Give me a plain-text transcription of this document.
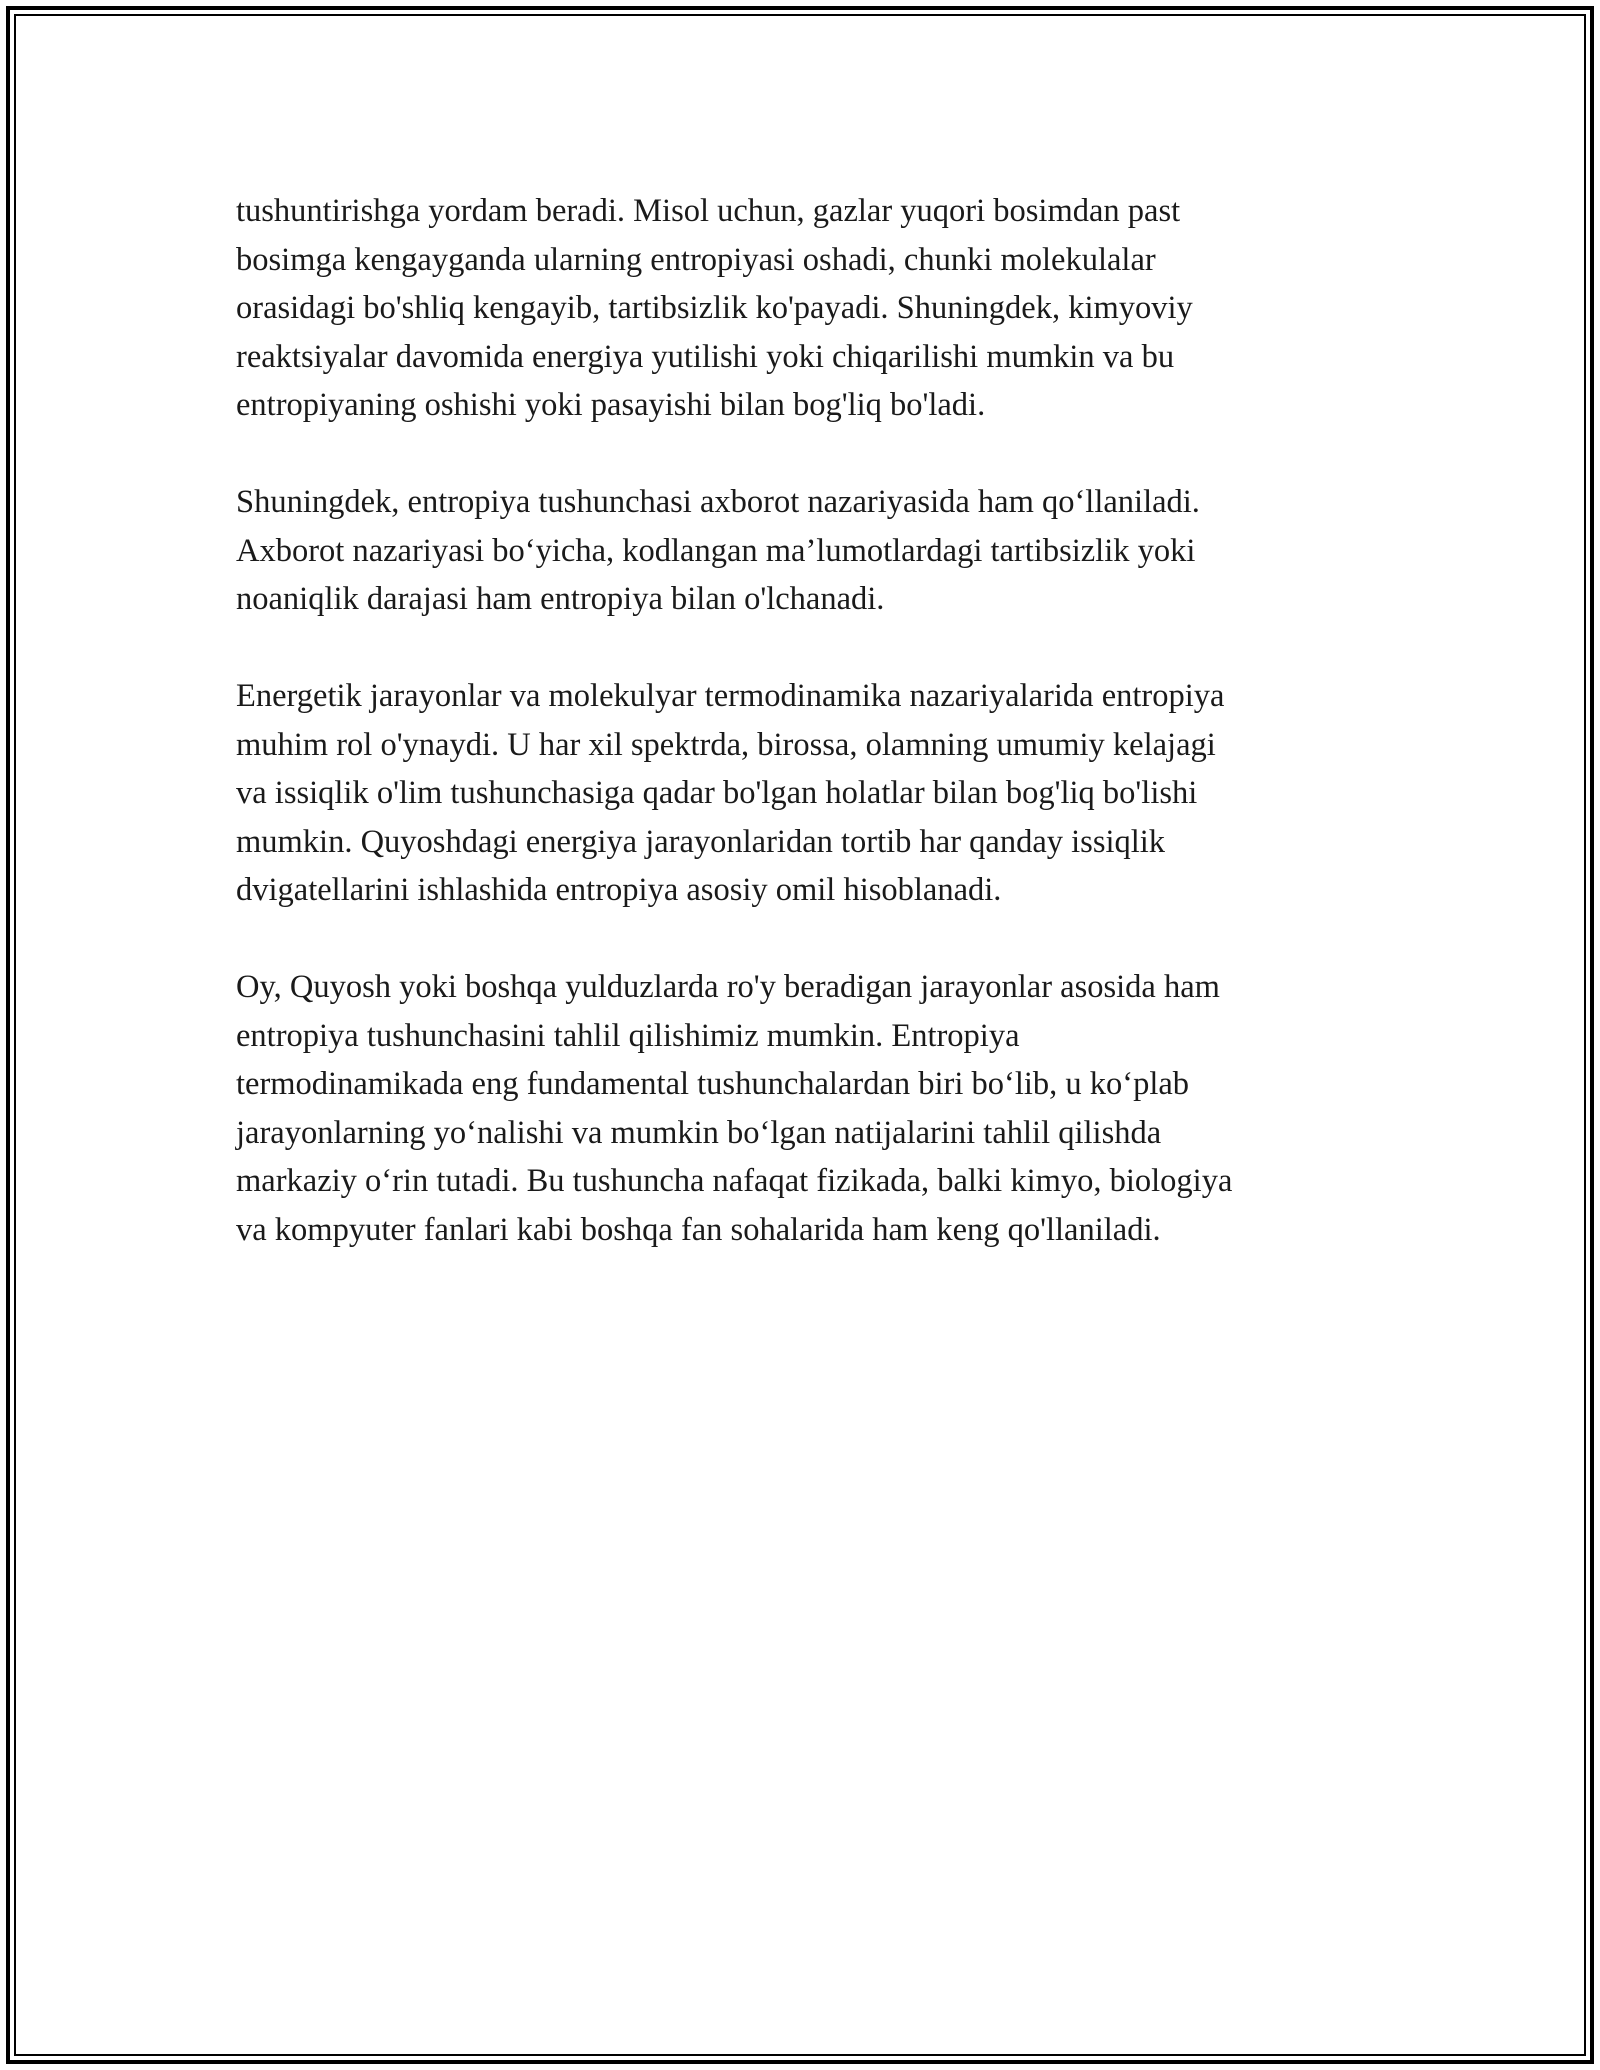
tushuntirishga yordam beradi. Misol uchun, gazlar yuqori bosimdan past
bosimga kengayganda ularning entropiyasi oshadi, chunki molekulalar
orasidagi bo'shliq kengayib, tartibsizlik ko'payadi. Shuningdek, kimyoviy
reaktsiyalar davomida energiya yutilishi yoki chiqarilishi mumkin va bu
entropiyaning oshishi yoki pasayishi bilan bog'liq bo'ladi.

Shuningdek, entropiya tushunchasi axborot nazariyasida ham qo‘llaniladi.
Axborot nazariyasi bo‘yicha, kodlangan ma’lumotlardagi tartibsizlik yoki
noaniqlik darajasi ham entropiya bilan o'lchanadi.

Energetik jarayonlar va molekulyar termodinamika nazariyalarida entropiya
muhim rol o'ynaydi. U har xil spektrda, birossa, olamning umumiy kelajagi
va issiqlik o'lim tushunchasiga qadar bo'lgan holatlar bilan bog'liq bo'lishi
mumkin. Quyoshdagi energiya jarayonlaridan tortib har qanday issiqlik
dvigatellarini ishlashida entropiya asosiy omil hisoblanadi.

Oy, Quyosh yoki boshqa yulduzlarda ro'y beradigan jarayonlar asosida ham
entropiya tushunchasini tahlil qilishimiz mumkin. Entropiya
termodinamikada eng fundamental tushunchalardan biri bo‘lib, u ko‘plab
jarayonlarning yo‘nalishi va mumkin bo‘lgan natijalarini tahlil qilishda
markaziy o‘rin tutadi. Bu tushuncha nafaqat fizikada, balki kimyo, biologiya
va kompyuter fanlari kabi boshqa fan sohalarida ham keng qo'llaniladi.
